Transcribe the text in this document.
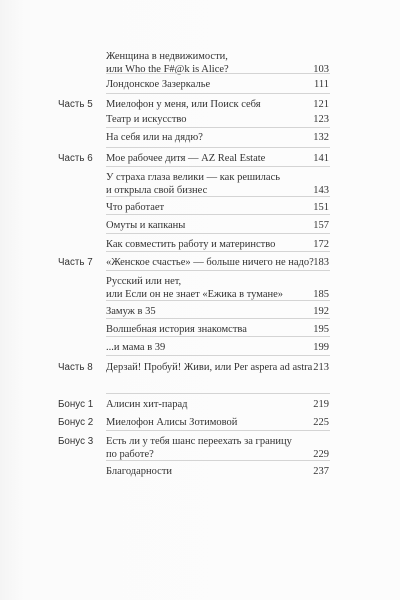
Женщина в недвижимости,
или Who the F#@k is Alice?	103
Лондонское Зазеркалье	111
Часть 5 Миелофон у меня, или Поиск себя	121
Театр и искусство	123
На себя или на дядю?	132
Часть 6 Мое рабочее дитя — AZ Real Estate	141
У страха глаза велики — как решилась
и открыла свой бизнес	143
Что работает	151
Омуты и капканы	157
Как совместить работу и материнство	172
Часть 7 «Женское счастье» — больше ничего не надо? 183
Русский или нет,
или Если он не знает «Ежика в тумане»	185
Замуж в 35	192
Волшебная история знакомства	195
...и мама в 39	199
Часть 8 Дерзай! Пробуй! Живи, или Per aspera ad astra 213
Бонус 1 Алисин хит-парад	219
Бонус 2 Миелофон Алисы Зотимовой	225
Бонус 3 Есть ли у тебя шанс переехать за границу
по работе?	229
Благодарности	237
